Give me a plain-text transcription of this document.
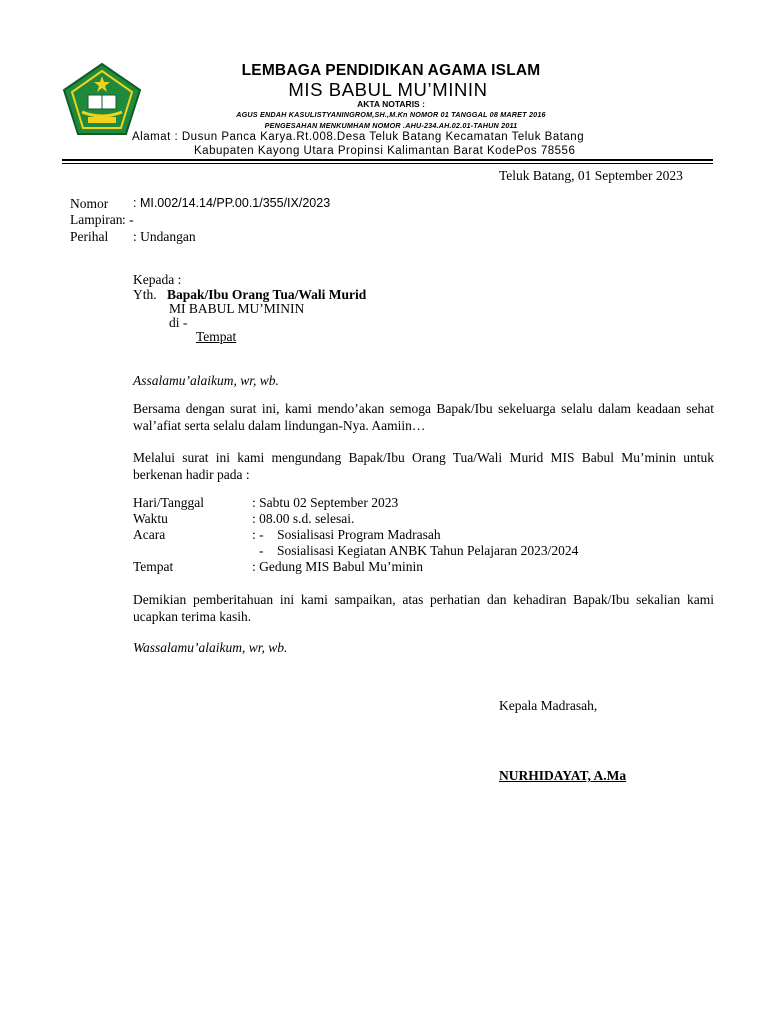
LEMBAGA PENDIDIKAN AGAMA ISLAM
MIS BABUL MU’MININ
AKTA NOTARIS :
AGUS ENDAH KASULISTYANINGROM,SH.,M.Kn NOMOR 01 TANGGAL 08 MARET 2016
PENGESAHAN MENKUMHAM NOMOR .AHU-234.AH.02.01-TAHUN 2011
Alamat : Dusun Panca Karya.Rt.008.Desa Teluk Batang Kecamatan Teluk Batang
Kabupaten Kayong Utara Propinsi Kalimantan Barat KodePos 78556
Teluk Batang, 01 September 2023
Nomor : MI.002/14.14/PP.00.1/355/IX/2023
Lampiran : -
Perihal : Undangan
Kepada :
Yth. Bapak/Ibu Orang Tua/Wali Murid
MI BABUL MU’MININ
di -
Tempat
Assalamu’alaikum, wr, wb.
Bersama dengan surat ini, kami mendo’akan semoga Bapak/Ibu sekeluarga selalu dalam keadaan sehat wal’afiat serta selalu dalam lindungan-Nya. Aamiin…
Melalui surat ini kami mengundang Bapak/Ibu Orang Tua/Wali Murid MIS Babul Mu’minin untuk berkenan hadir pada :
Hari/Tanggal	: Sabtu 02 September 2023
Waktu	: 08.00 s.d. selesai.
Acara	: -    Sosialisasi Program Madrasah
-    Sosialisasi Kegiatan ANBK Tahun Pelajaran 2023/2024
Tempat	: Gedung MIS Babul Mu’minin
Demikian pemberitahuan ini kami sampaikan, atas perhatian dan kehadiran Bapak/Ibu sekalian kami ucapkan terima kasih.
Wassalamu’alaikum, wr, wb.
Kepala Madrasah,
NURHIDAYAT, A.Ma
